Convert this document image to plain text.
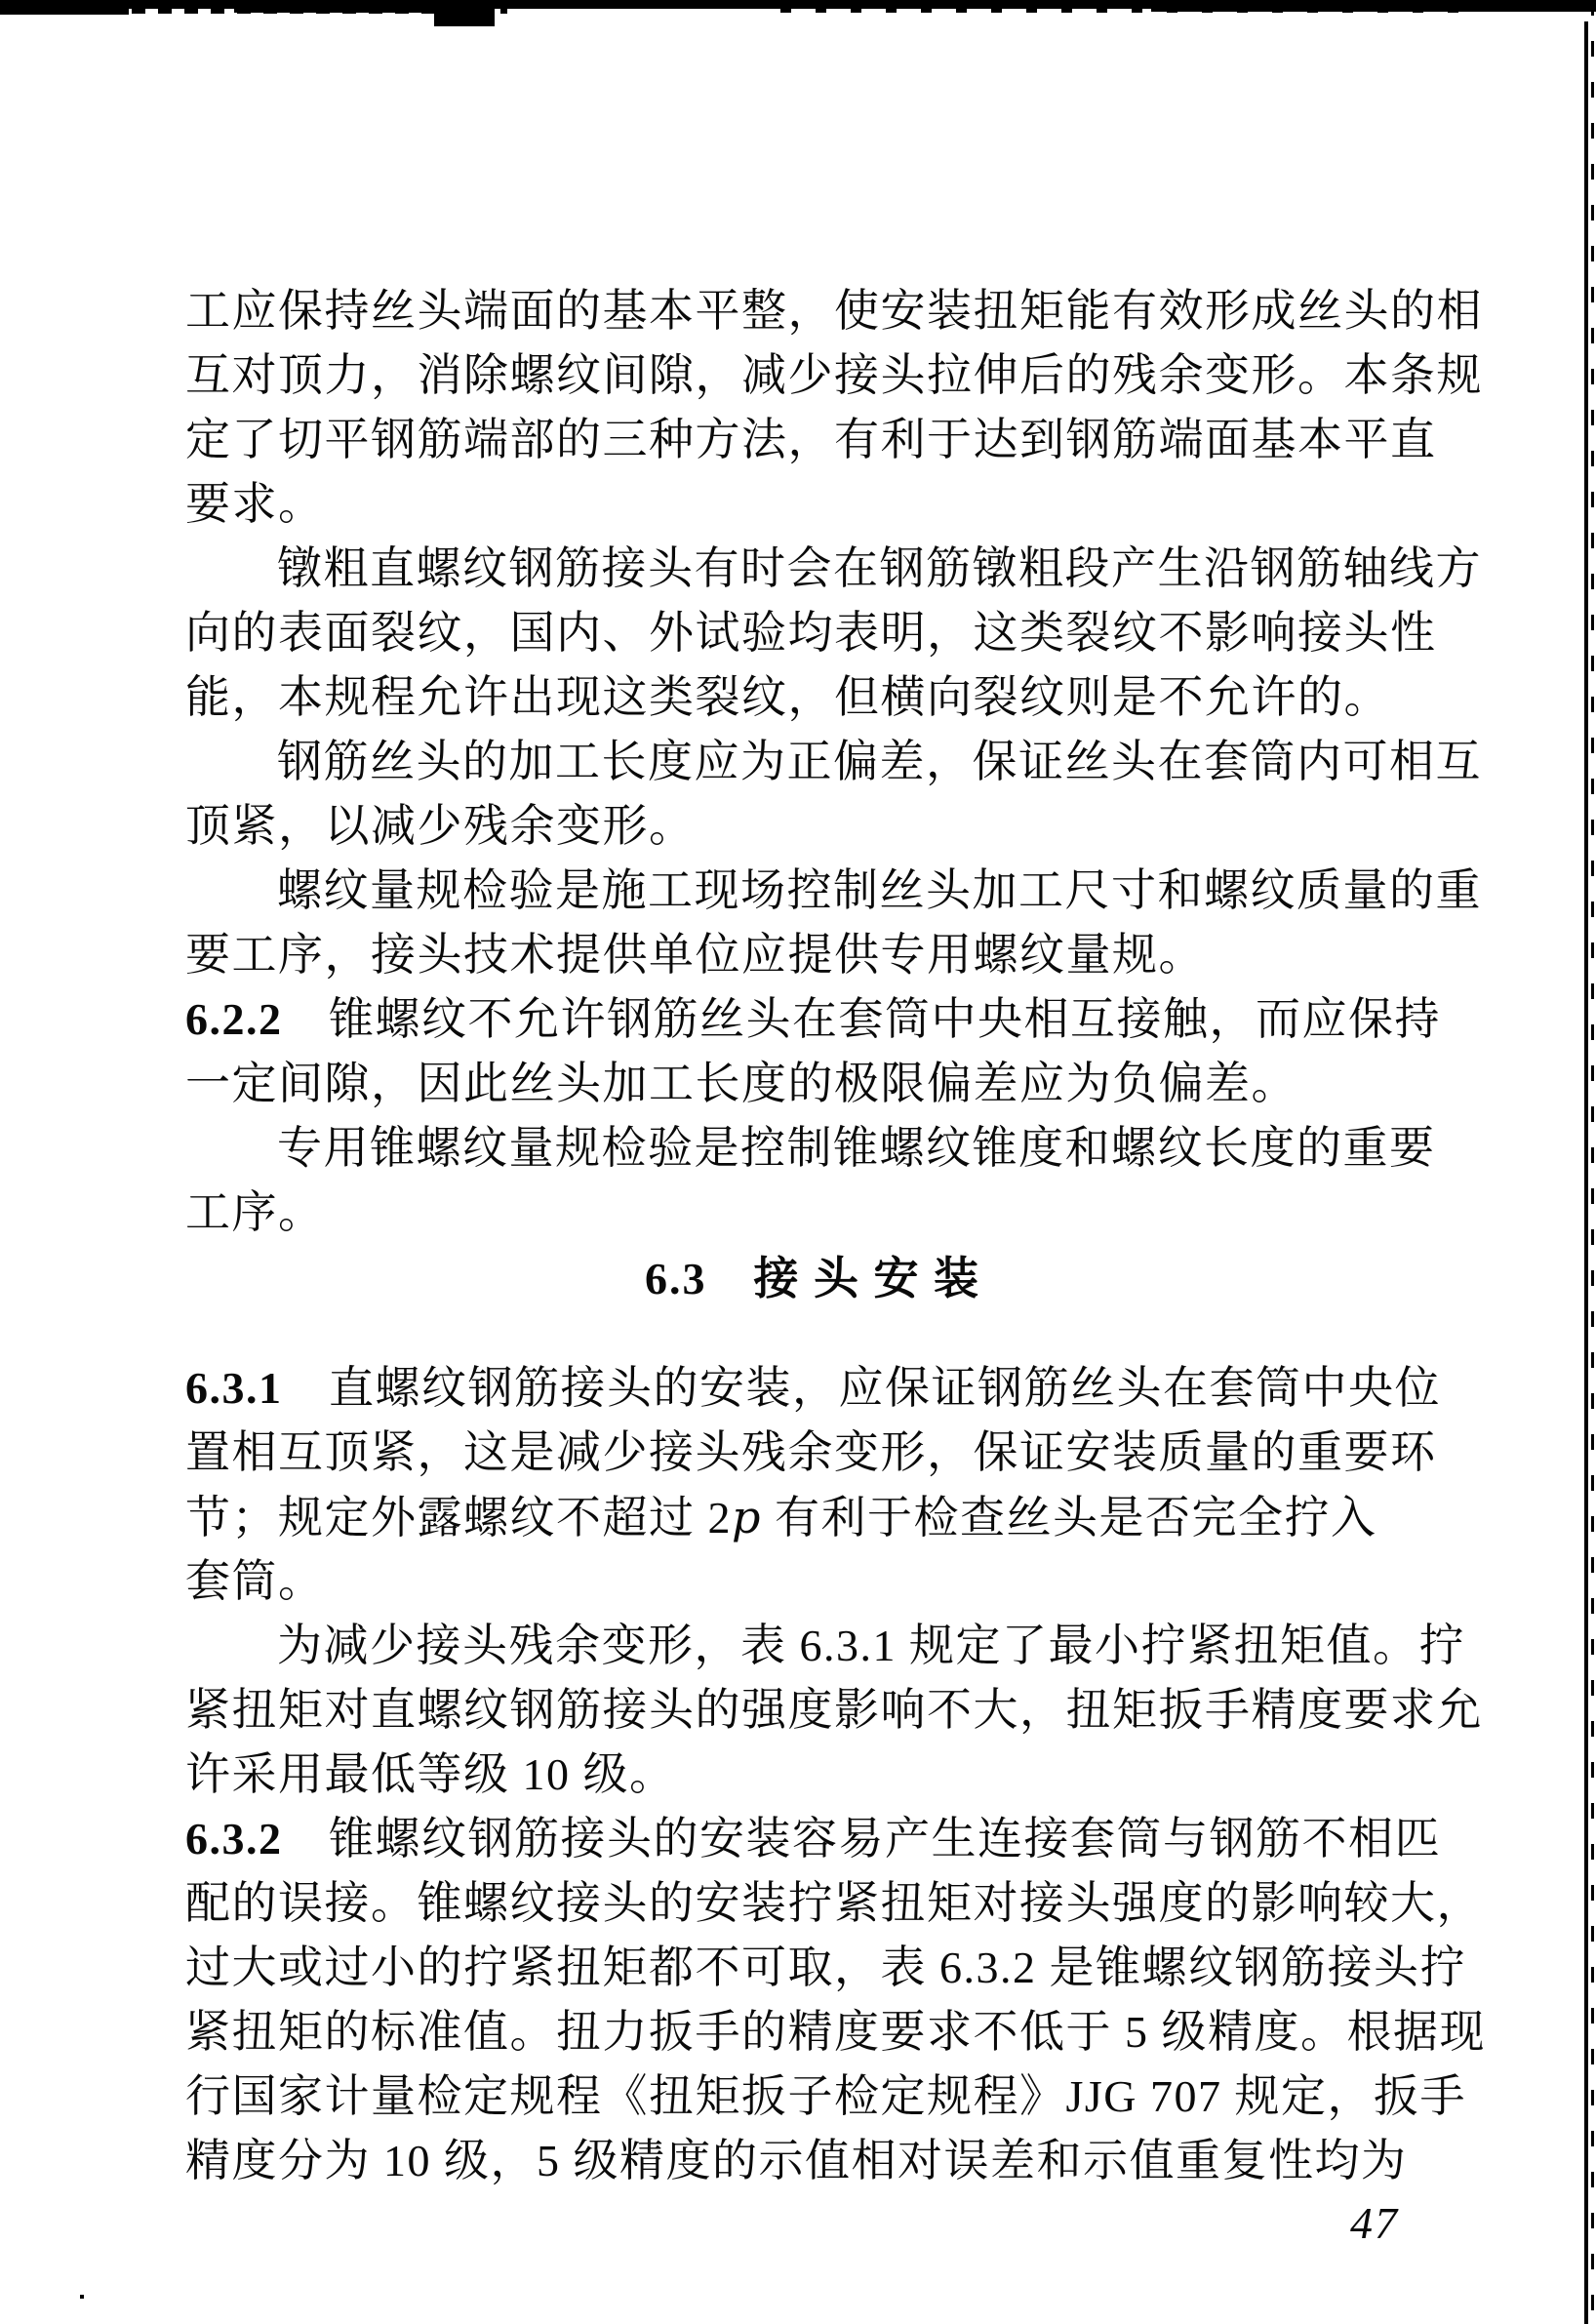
工应保持丝头端面的基本平整，使安装扭矩能有效形成丝头的相
互对顶力，消除螺纹间隙，减少接头拉伸后的残余变形。本条规
定了切平钢筋端部的三种方法，有利于达到钢筋端面基本平直
要求。
镦粗直螺纹钢筋接头有时会在钢筋镦粗段产生沿钢筋轴线方
向的表面裂纹，国内、外试验均表明，这类裂纹不影响接头性
能，本规程允许出现这类裂纹，但横向裂纹则是不允许的。
钢筋丝头的加工长度应为正偏差，保证丝头在套筒内可相互
顶紧，以减少残余变形。
螺纹量规检验是施工现场控制丝头加工尺寸和螺纹质量的重
要工序，接头技术提供单位应提供专用螺纹量规。
6.2.2　锥螺纹不允许钢筋丝头在套筒中央相互接触，而应保持
一定间隙，因此丝头加工长度的极限偏差应为负偏差。
专用锥螺纹量规检验是控制锥螺纹锥度和螺纹长度的重要
工序。
6.3　接 头 安 装
6.3.1　直螺纹钢筋接头的安装，应保证钢筋丝头在套筒中央位
置相互顶紧，这是减少接头残余变形，保证安装质量的重要环
节；规定外露螺纹不超过 2p 有利于检查丝头是否完全拧入
套筒。
为减少接头残余变形，表 6.3.1 规定了最小拧紧扭矩值。拧
紧扭矩对直螺纹钢筋接头的强度影响不大，扭矩扳手精度要求允
许采用最低等级 10 级。
6.3.2　锥螺纹钢筋接头的安装容易产生连接套筒与钢筋不相匹
配的误接。锥螺纹接头的安装拧紧扭矩对接头强度的影响较大，
过大或过小的拧紧扭矩都不可取，表 6.3.2 是锥螺纹钢筋接头拧
紧扭矩的标准值。扭力扳手的精度要求不低于 5 级精度。根据现
行国家计量检定规程《扭矩扳子检定规程》JJG 707 规定，扳手
精度分为 10 级，5 级精度的示值相对误差和示值重复性均为
47
